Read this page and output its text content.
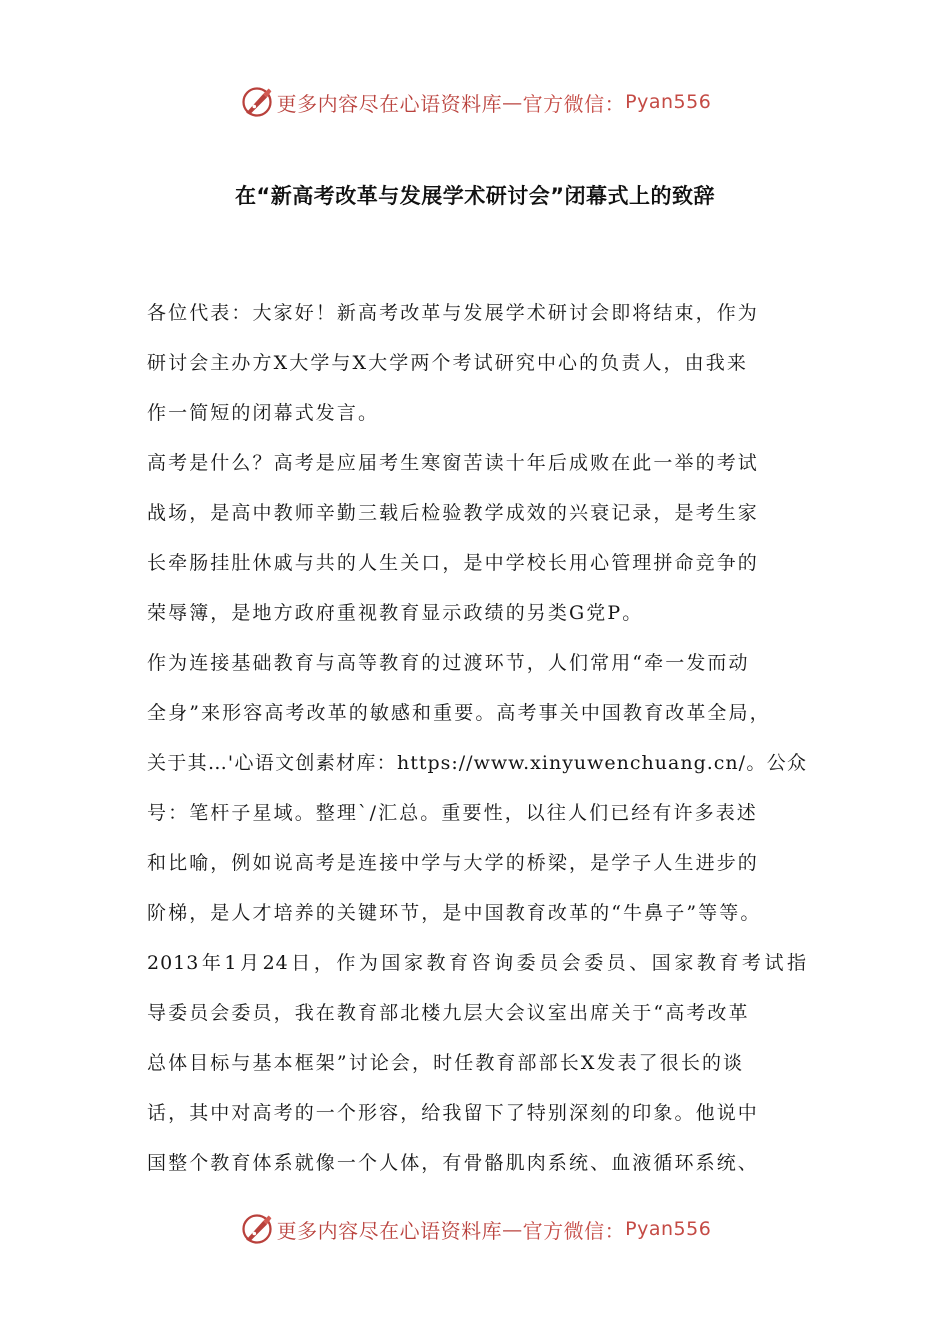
更多内容尽在心语资料库 — 官方微信： Pyan556
在“新高考改革与发展学术研讨会”闭幕式上的致辞
各位代表：大家好！新高考改革与发展学术研讨会即将结束，作为
研讨会主办方X大学与X大学两个考试研究中心的负责人，由我来
作一简短的闭幕式发言。
高考是什么？高考是应届考生寒窗苦读十年后成败在此一举的考试
战场，是高中教师辛勤三载后检验教学成效的兴衰记录，是考生家
长牵肠挂肚休戚与共的人生关口，是中学校长用心管理拼命竞争的
荣辱簿，是地方政府重视教育显示政绩的另类G党P。
作为连接基础教育与高等教育的过渡环节，人们常用“牵一发而动
全身”来形容高考改革的敏感和重要。高考事关中国教育改革全局，
关于其…'心语文创素材库：https://www.xinyuwenchuang.cn/。公众
号：笔杆子星域。整理`/汇总。重要性，以往人们已经有许多表述
和比喻，例如说高考是连接中学与大学的桥梁，是学子人生进步的
阶梯，是人才培养的关键环节，是中国教育改革的“牛鼻子”等等。
2013年1月24日，作为国家教育咨询委员会委员、国家教育考试指
导委员会委员，我在教育部北楼九层大会议室出席关于“高考改革
总体目标与基本框架”讨论会，时任教育部部长X发表了很长的谈
话，其中对高考的一个形容，给我留下了特别深刻的印象。他说中
国整个教育体系就像一个人体，有骨骼肌肉系统、血液循环系统、
更多内容尽在心语资料库 — 官方微信： Pyan556
